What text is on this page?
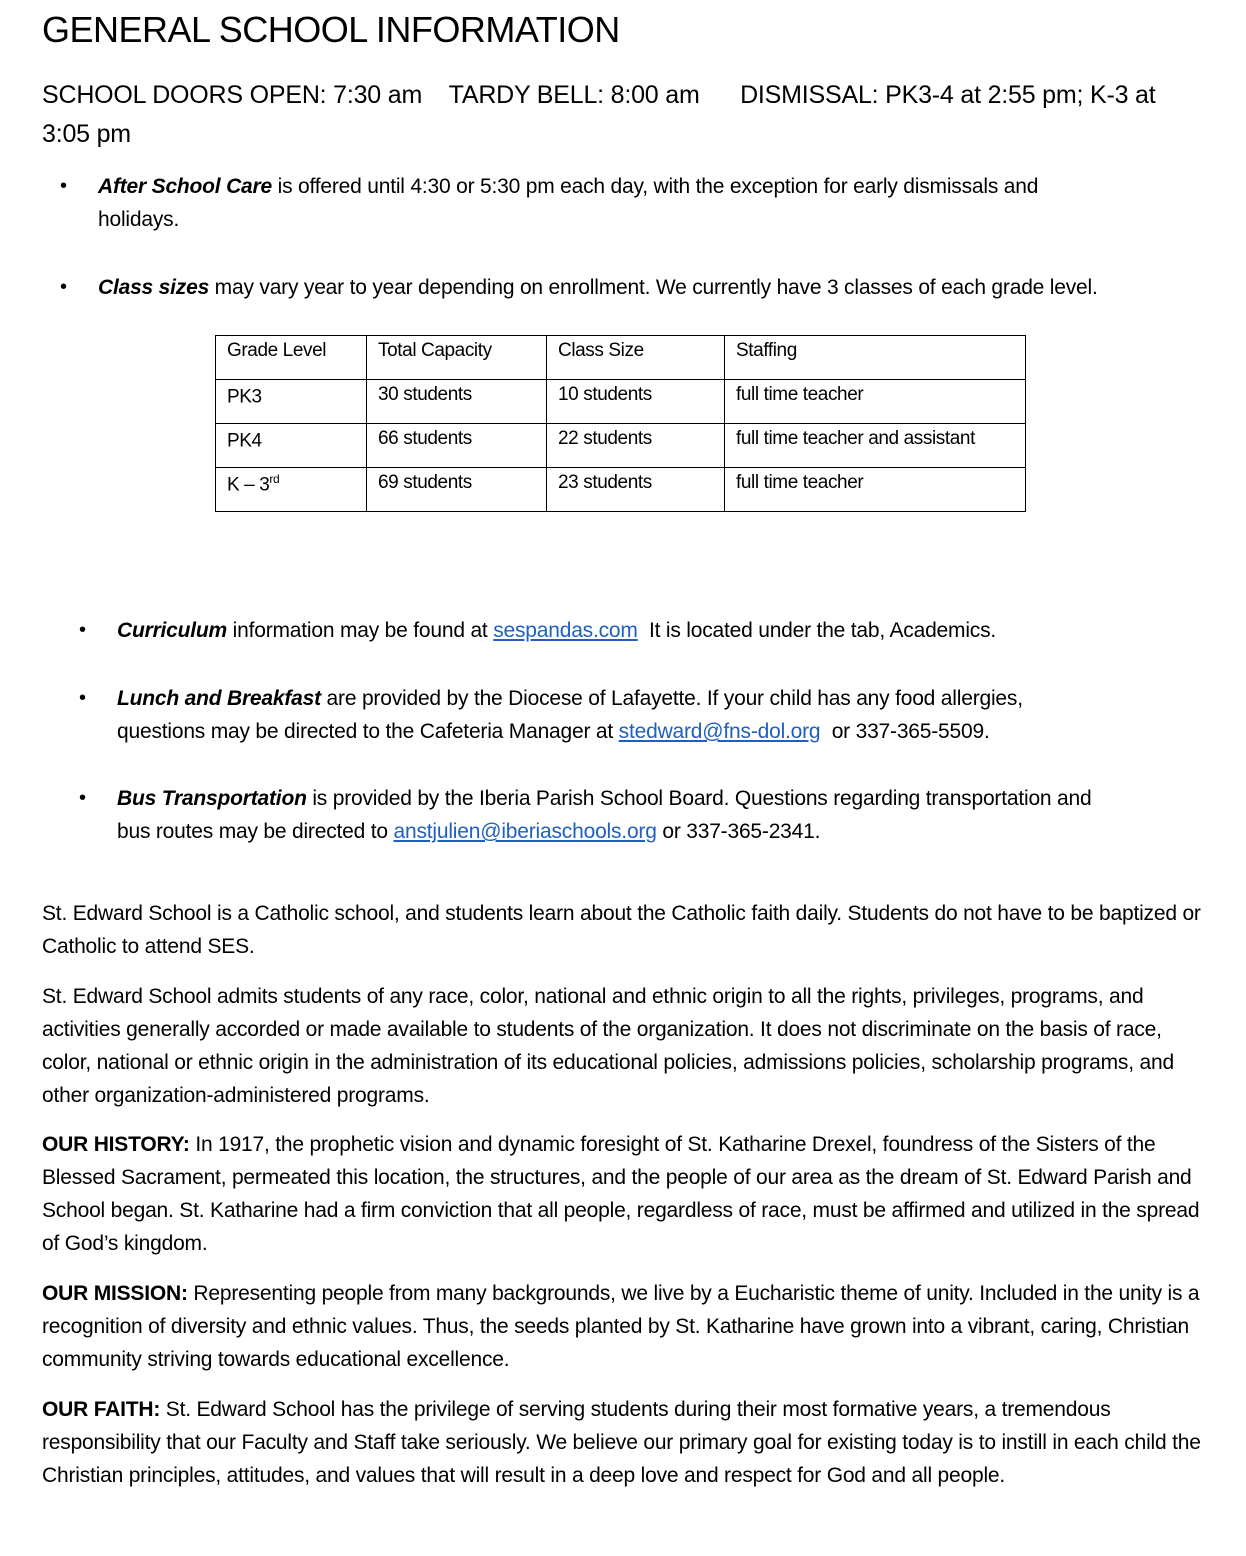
GENERAL SCHOOL INFORMATION
SCHOOL DOORS OPEN: 7:30 am TARDY BELL: 8:00 am DISMISSAL: PK3-4 at 2:55 pm; K-3 at
3:05 pm
• After School Care is offered until 4:30 or 5:30 pm each day, with the exception for early dismissals and
holidays.
• Class sizes may vary year to year depending on enrollment. We currently have 3 classes of each grade level.
Grade Level	Total Capacity	Class Size	Staffing
PK3	30 students	10 students	full time teacher
PK4	66 students	22 students	full time teacher and assistant
K – 3rd	69 students	23 students	full time teacher
• Curriculum information may be found at sespandas.com  It is located under the tab, Academics.
• Lunch and Breakfast are provided by the Diocese of Lafayette. If your child has any food allergies,
questions may be directed to the Cafeteria Manager at stedward@fns-dol.org  or 337-365-5509.
• Bus Transportation is provided by the Iberia Parish School Board. Questions regarding transportation and
bus routes may be directed to anstjulien@iberiaschools.org or 337-365-2341.
St. Edward School is a Catholic school, and students learn about the Catholic faith daily. Students do not have to be baptized or Catholic to attend SES.
St. Edward School admits students of any race, color, national and ethnic origin to all the rights, privileges, programs, and activities generally accorded or made available to students of the organization. It does not discriminate on the basis of race, color, national or ethnic origin in the administration of its educational policies, admissions policies, scholarship programs, and other organization-administered programs.
OUR HISTORY: In 1917, the prophetic vision and dynamic foresight of St. Katharine Drexel, foundress of the Sisters of the Blessed Sacrament, permeated this location, the structures, and the people of our area as the dream of St. Edward Parish and School began. St. Katharine had a firm conviction that all people, regardless of race, must be affirmed and utilized in the spread of God’s kingdom.
OUR MISSION: Representing people from many backgrounds, we live by a Eucharistic theme of unity. Included in the unity is a recognition of diversity and ethnic values. Thus, the seeds planted by St. Katharine have grown into a vibrant, caring, Christian community striving towards educational excellence.
OUR FAITH: St. Edward School has the privilege of serving students during their most formative years, a tremendous responsibility that our Faculty and Staff take seriously. We believe our primary goal for existing today is to instill in each child the Christian principles, attitudes, and values that will result in a deep love and respect for God and all people.
